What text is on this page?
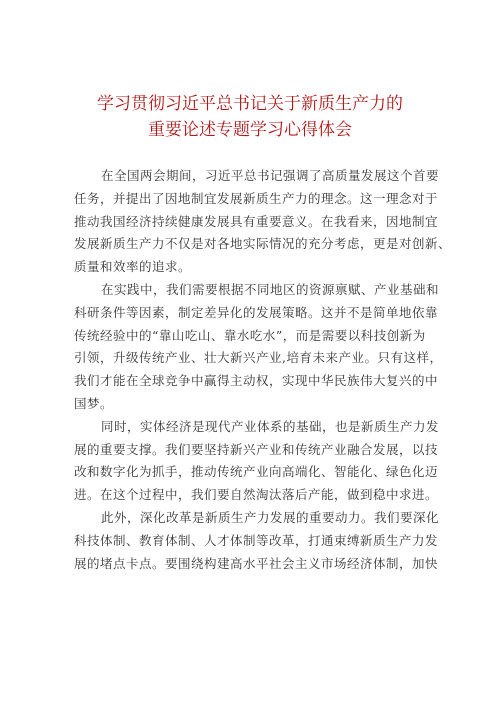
学习贯彻习近平总书记关于新质生产力的
重要论述专题学习心得体会
在全国两会期间，习近平总书记强调了高质量发展这个首要
任务，并提出了因地制宜发展新质生产力的理念。这一理念对于
推动我国经济持续健康发展具有重要意义。在我看来，因地制宜
发展新质生产力不仅是对各地实际情况的充分考虑，更是对创新、
质量和效率的追求。
在实践中，我们需要根据不同地区的资源禀赋、产业基础和
科研条件等因素，制定差异化的发展策略。这并不是简单地依靠
传统经验中的“靠山吃山、靠水吃水”，而是需要以科技创新为
引领，升级传统产业、壮大新兴产业,培育未来产业。只有这样，
我们才能在全球竞争中赢得主动权，实现中华民族伟大复兴的中
国梦。
同时，实体经济是现代产业体系的基础，也是新质生产力发
展的重要支撑。我们要坚持新兴产业和传统产业融合发展，以技
改和数字化为抓手，推动传统产业向高端化、智能化、绿色化迈
进。在这个过程中，我们要自然淘汰落后产能，做到稳中求进。
此外，深化改革是新质生产力发展的重要动力。我们要深化
科技体制、教育体制、人才体制等改革，打通束缚新质生产力发
展的堵点卡点。要围绕构建高水平社会主义市场经济体制，加快
